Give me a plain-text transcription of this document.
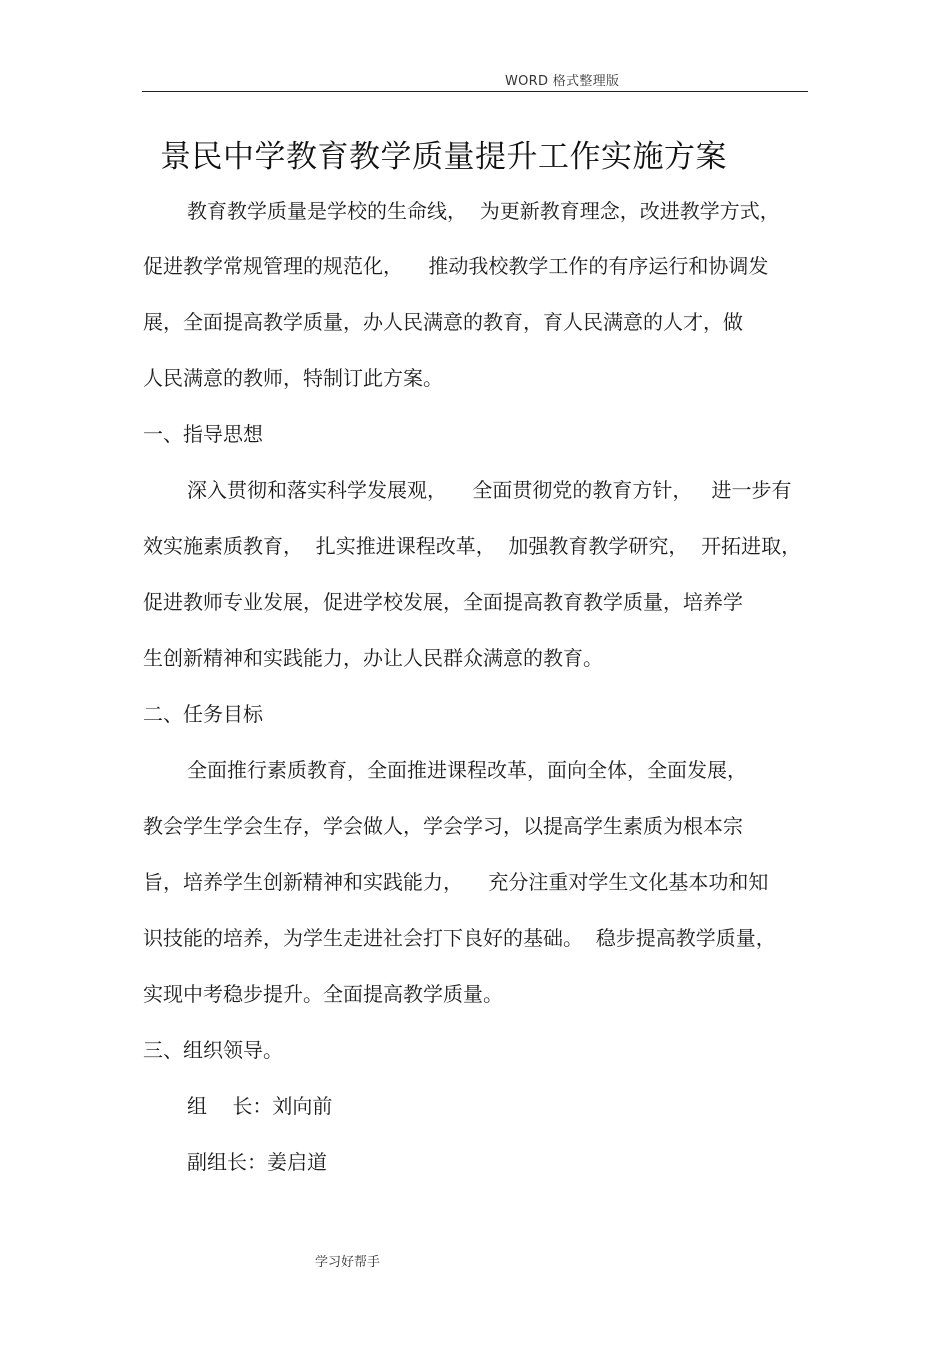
WORD 格式整理版
景民中学教育教学质量提升工作实施方案
教育教学质量是学校的生命线，  为更新教育理念，改进教学方式，
促进教学常规管理的规范化，    推动我校教学工作的有序运行和协调发
展，全面提高教学质量，办人民满意的教育，育人民满意的人才，做
人民满意的教师，特制订此方案。
一、指导思想
深入贯彻和落实科学发展观，    全面贯彻党的教育方针，   进一步有
效实施素质教育，  扎实推进课程改革，  加强教育教学研究，  开拓进取，
促进教师专业发展，促进学校发展，全面提高教育教学质量，培养学
生创新精神和实践能力，办让人民群众满意的教育。
二、任务目标
全面推行素质教育，全面推进课程改革，面向全体，全面发展，
教会学生学会生存，学会做人，学会学习，以提高学生素质为根本宗
旨，培养学生创新精神和实践能力，    充分注重对学生文化基本功和知
识技能的培养，为学生走进社会打下良好的基础。  稳步提高教学质量，
实现中考稳步提升。全面提高教学质量。
三、组织领导。
组    长：刘向前
副组长：姜启道
学习好帮手
